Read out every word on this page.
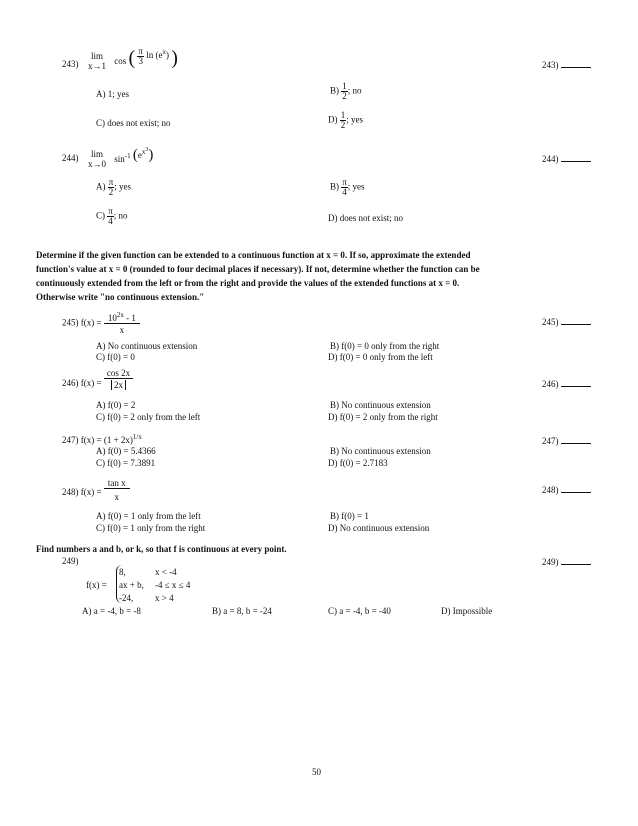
243)
lim
x→1 cos ( $\frac{\pi}{3}$ $\ln (e^x)$ )	243)
A) 1; yes	$B) \frac{1}{2}$ ; no
C) does not exist; no	$D) \frac{1}{2}$ ; yes
244) lim
x→0 $\sin^{-1} (e^{x3})$	244)
$A) \frac{\pi}{2}$ ; yes	$B) \frac{\pi}{4}$ ; yes
$C) \frac{\pi}{4}$ ; no	D) does not exist; no
Determine if the given function can be extended to a continuous function at x = 0. If so, approximate the extended
function's value at x = 0 (rounded to four decimal places if necessary). If not, determine whether the function can be
continuously extended from the left or from the right and provide the values of the extended functions at x = 0.
Otherwise write "no continuous extension."
245) $f(x) = \frac{10^{2x} - 1}{x}$	245)
A) No continuous extension	B) f(0) = 0 only from the right
C) f(0) = 0	D) f(0) = 0 only from the left
246) $f(x) = \frac{\cos 2x}{2x}$	246)
A) f(0) = 2	B) No continuous extension
C) f(0) = 2 only from the left	D) f(0) = 2 only from the right
247) $f(x) = (1 + 2x)^{1/x}$	247)
A) f(0) = 5.4366	B) No continuous extension
C) f(0) = 7.3891	D) f(0) = 2.7183
248) $f(x) = \frac{\text{tan x}}{x}$	248)
A) f(0) = 1 only from the left	B) f(0) = 1
C) f(0) = 1 only from the right	D) No continuous extension
Find numbers a and b, or k, so that f is continuous at every point.
249)	249)
f(x) =
8,	x < -4
ax + b, -4 ≤ x ≤ 4
-24, x > 4
A) a = -4, b = -8	B) a = 8, b = -24	C) a = -4, b = -40	D) Impossible
50
